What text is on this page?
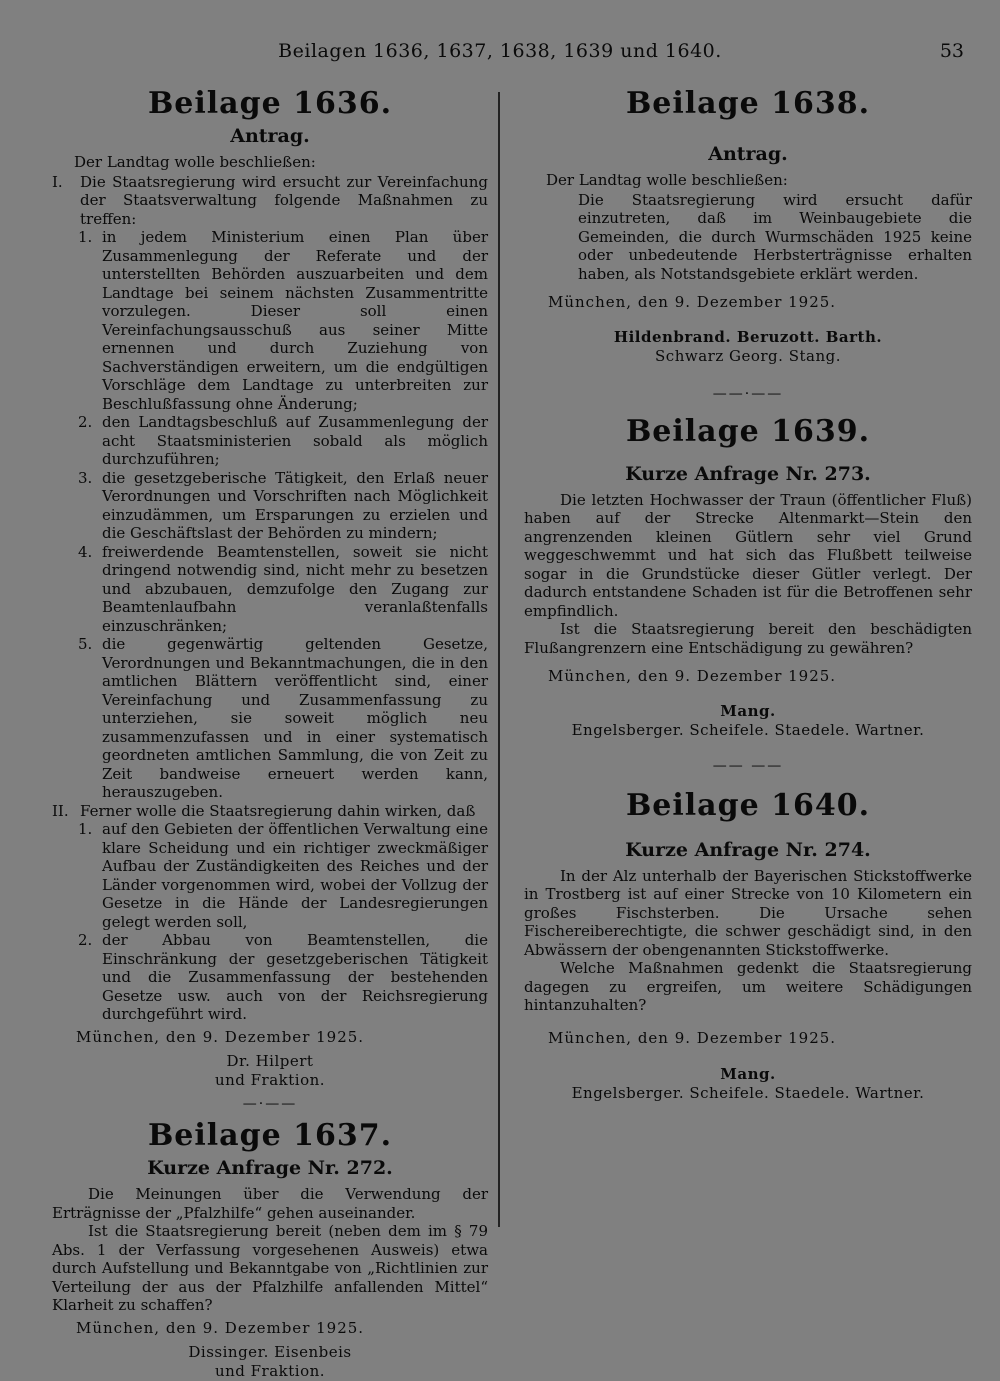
Beilagen 1636, 1637, 1638, 1639 und 1640.	53
Beilage 1636.
Antrag.

Der Landtag wolle beschließen:

I. Die Staatsregierung wird ersucht zur Vereinfachung der Staatsverwaltung folgende Maßnahmen zu treffen:

1. in jedem Ministerium einen Plan über Zusammenlegung der Referate und der unterstellten Behörden auszuarbeiten und dem Landtage bei seinem nächsten Zusammentritte vorzulegen. Dieser soll einen Vereinfachungsausschuß aus seiner Mitte ernennen und durch Zuziehung von Sachverständigen erweitern, um die endgültigen Vorschläge dem Landtage zu unterbreiten zur Beschlußfassung ohne Änderung;

2. den Landtagsbeschluß auf Zusammenlegung der acht Staatsministerien sobald als möglich durchzuführen;

3. die gesetzgeberische Tätigkeit, den Erlaß neuer Verordnungen und Vorschriften nach Möglichkeit einzudämmen, um Ersparungen zu erzielen und die Geschäftslast der Behörden zu mindern;

4. freiwerdende Beamtenstellen, soweit sie nicht dringend notwendig sind, nicht mehr zu besetzen und abzubauen, demzufolge den Zugang zur Beamtenlaufbahn veranlaßtenfalls einzuschränken;

5. die gegenwärtig geltenden Gesetze, Verordnungen und Bekanntmachungen, die in den amtlichen Blättern veröffentlicht sind, einer Vereinfachung und Zusammenfassung zu unterziehen, sie soweit möglich neu zusammenzufassen und in einer systematisch geordneten amtlichen Sammlung, die von Zeit zu Zeit bandweise erneuert werden kann, herauszugeben.

II. Ferner wolle die Staatsregierung dahin wirken, daß

1. auf den Gebieten der öffentlichen Verwaltung eine klare Scheidung und ein richtiger zweckmäßiger Aufbau der Zuständigkeiten des Reiches und der Länder vorgenommen wird, wobei der Vollzug der Gesetze in die Hände der Landesregierungen gelegt werden soll,

2. der Abbau von Beamtenstellen, die Einschränkung der gesetzgeberischen Tätigkeit und die Zusammenfassung der bestehenden Gesetze usw. auch von der Reichsregierung durchgeführt wird.

München, den 9. Dezember 1925.

Dr. Hilpert
und Fraktion.
—·——
Beilage 1637.
Kurze Anfrage Nr. 272.

Die Meinungen über die Verwendung der Erträgnisse der „Pfalzhilfe“ gehen auseinander.

Ist die Staatsregierung bereit (neben dem im § 79 Abs. 1 der Verfassung vorgesehenen Ausweis) etwa durch Aufstellung und Bekanntgabe von „Richtlinien zur Verteilung der aus der Pfalzhilfe anfallenden Mittel“ Klarheit zu schaffen?

München, den 9. Dezember 1925.

Dissinger. Eisenbeis
und Fraktion.
Beilage 1638.
Antrag.

Der Landtag wolle beschließen:

Die Staatsregierung wird ersucht dafür einzutreten, daß im Weinbaugebiete die Gemeinden, die durch Wurmschäden 1925 keine oder unbedeutende Herbsterträgnisse erhalten haben, als Notstandsgebiete erklärt werden.

München, den 9. Dezember 1925.

Hildenbrand. Beruzott. Barth.
Schwarz Georg. Stang.
——·——
Beilage 1639.
Kurze Anfrage Nr. 273.

Die letzten Hochwasser der Traun (öffentlicher Fluß) haben auf der Strecke Altenmarkt—Stein den angrenzenden kleinen Gütlern sehr viel Grund weggeschwemmt und hat sich das Flußbett teilweise sogar in die Grundstücke dieser Gütler verlegt. Der dadurch entstandene Schaden ist für die Betroffenen sehr empfindlich.

Ist die Staatsregierung bereit den beschädigten Flußangrenzern eine Entschädigung zu gewähren?

München, den 9. Dezember 1925.

Mang.
Engelsberger. Scheifele. Staedele. Wartner.
—— ——
Beilage 1640.
Kurze Anfrage Nr. 274.

In der Alz unterhalb der Bayerischen Stickstoffwerke in Trostberg ist auf einer Strecke von 10 Kilometern ein großes Fischsterben. Die Ursache sehen Fischereiberechtigte, die schwer geschädigt sind, in den Abwässern der obengenannten Stickstoffwerke.

Welche Maßnahmen gedenkt die Staatsregierung dagegen zu ergreifen, um weitere Schädigungen hintanzuhalten?

München, den 9. Dezember 1925.

Mang.
Engelsberger. Scheifele. Staedele. Wartner.
